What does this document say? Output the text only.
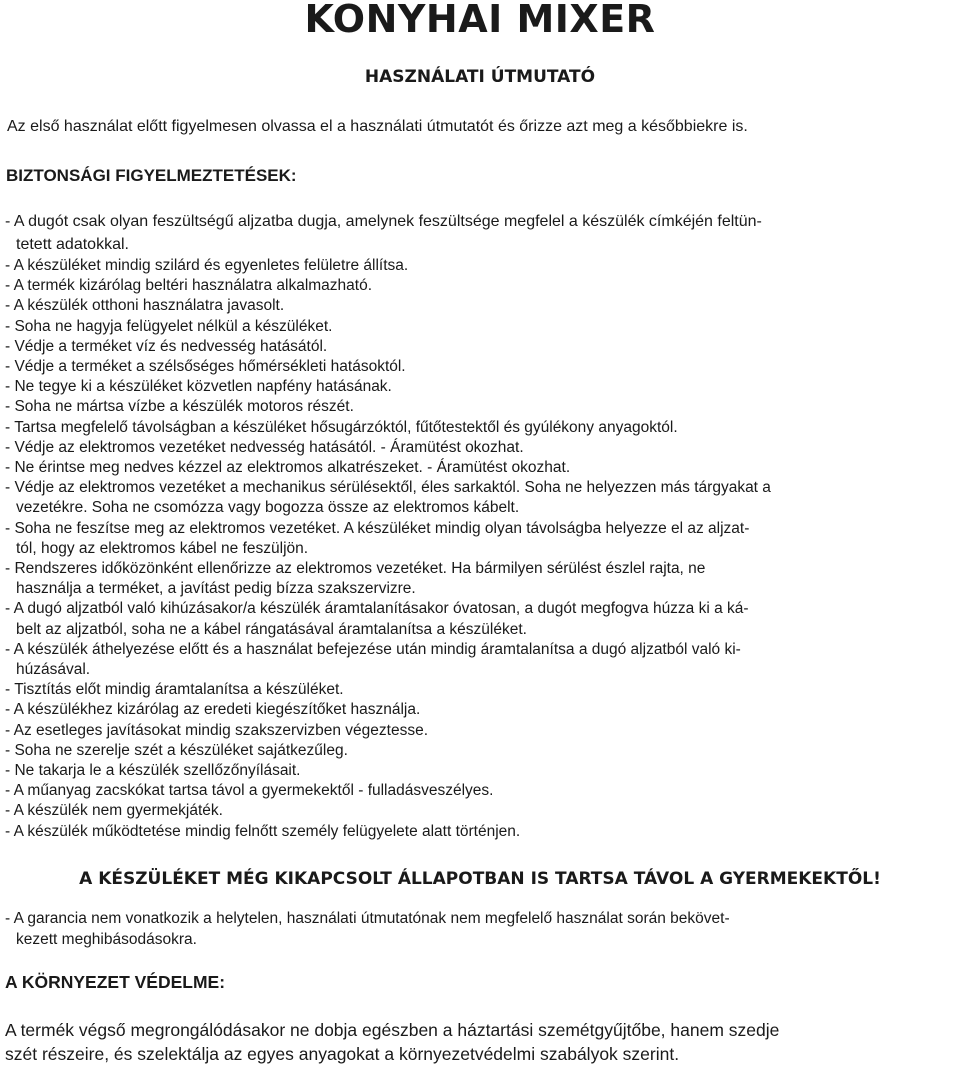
KONYHAI MIXER
HASZNÁLATI ÚTMUTATÓ

Az első használat előtt figyelmesen olvassa el a használati útmutatót és őrizze azt meg a későbbiekre is.

BIZTONSÁGI FIGYELMEZTETÉSEK:
- A dugót csak olyan feszültségű aljzatba dugja, amelynek feszültsége megfelel a készülék címkéjén feltün-
tetett adatokkal.
- A készüléket mindig szilárd és egyenletes felületre állítsa.
- A termék kizárólag beltéri használatra alkalmazható.
- A készülék otthoni használatra javasolt.
- Soha ne hagyja felügyelet nélkül a készüléket.
- Védje a terméket víz és nedvesség hatásától.
- Védje a terméket a szélsőséges hőmérsékleti hatásoktól.
- Ne tegye ki a készüléket közvetlen napfény hatásának.
- Soha ne mártsa vízbe a készülék motoros részét.
- Tartsa megfelelő távolságban a készüléket hősugárzóktól, fűtőtestektől és gyúlékony anyagoktól.
- Védje az elektromos vezetéket nedvesség hatásától. - Áramütést okozhat.
- Ne érintse meg nedves kézzel az elektromos alkatrészeket. - Áramütést okozhat.
- Védje az elektromos vezetéket a mechanikus sérülésektől, éles sarkaktól. Soha ne helyezzen más tárgyakat a
vezetékre. Soha ne csomózza vagy bogozza össze az elektromos kábelt.
- Soha ne feszítse meg az elektromos vezetéket. A készüléket mindig olyan távolságba helyezze el az aljzat-
tól, hogy az elektromos kábel ne feszüljön.
- Rendszeres időközönként ellenőrizze az elektromos vezetéket. Ha bármilyen sérülést észlel rajta, ne
használja a terméket, a javítást pedig bízza szakszervizre.
- A dugó aljzatból való kihúzásakor/a készülék áramtalanításakor óvatosan, a dugót megfogva húzza ki a ká-
belt az aljzatból, soha ne a kábel rángatásával áramtalanítsa a készüléket.
- A készülék áthelyezése előtt és a használat befejezése után mindig áramtalanítsa a dugó aljzatból való ki-
húzásával.
- Tisztítás előt mindig áramtalanítsa a készüléket.
- A készülékhez kizárólag az eredeti kiegészítőket használja.
- Az esetleges javításokat mindig szakszervizben végeztesse.
- Soha ne szerelje szét a készüléket sajátkezűleg.
- Ne takarja le a készülék szellőzőnyílásait.
- A műanyag zacskókat tartsa távol a gyermekektől - fulladásveszélyes.
- A készülék nem gyermekjáték.
- A készülék működtetése mindig felnőtt személy felügyelete alatt történjen.
A KÉSZÜLÉKET MÉG KIKAPCSOLT ÁLLAPOTBAN IS TARTSA TÁVOL A GYERMEKEKTŐL!

- A garancia nem vonatkozik a helytelen, használati útmutatónak nem megfelelő használat során bekövet-
kezett meghibásodásokra.

A KÖRNYEZET VÉDELME:

A termék végső megrongálódásakor ne dobja egészben a háztartási szemétgyűjtőbe, hanem szedje
szét részeire, és szelektálja az egyes anyagokat a környezetvédelmi szabályok szerint.
